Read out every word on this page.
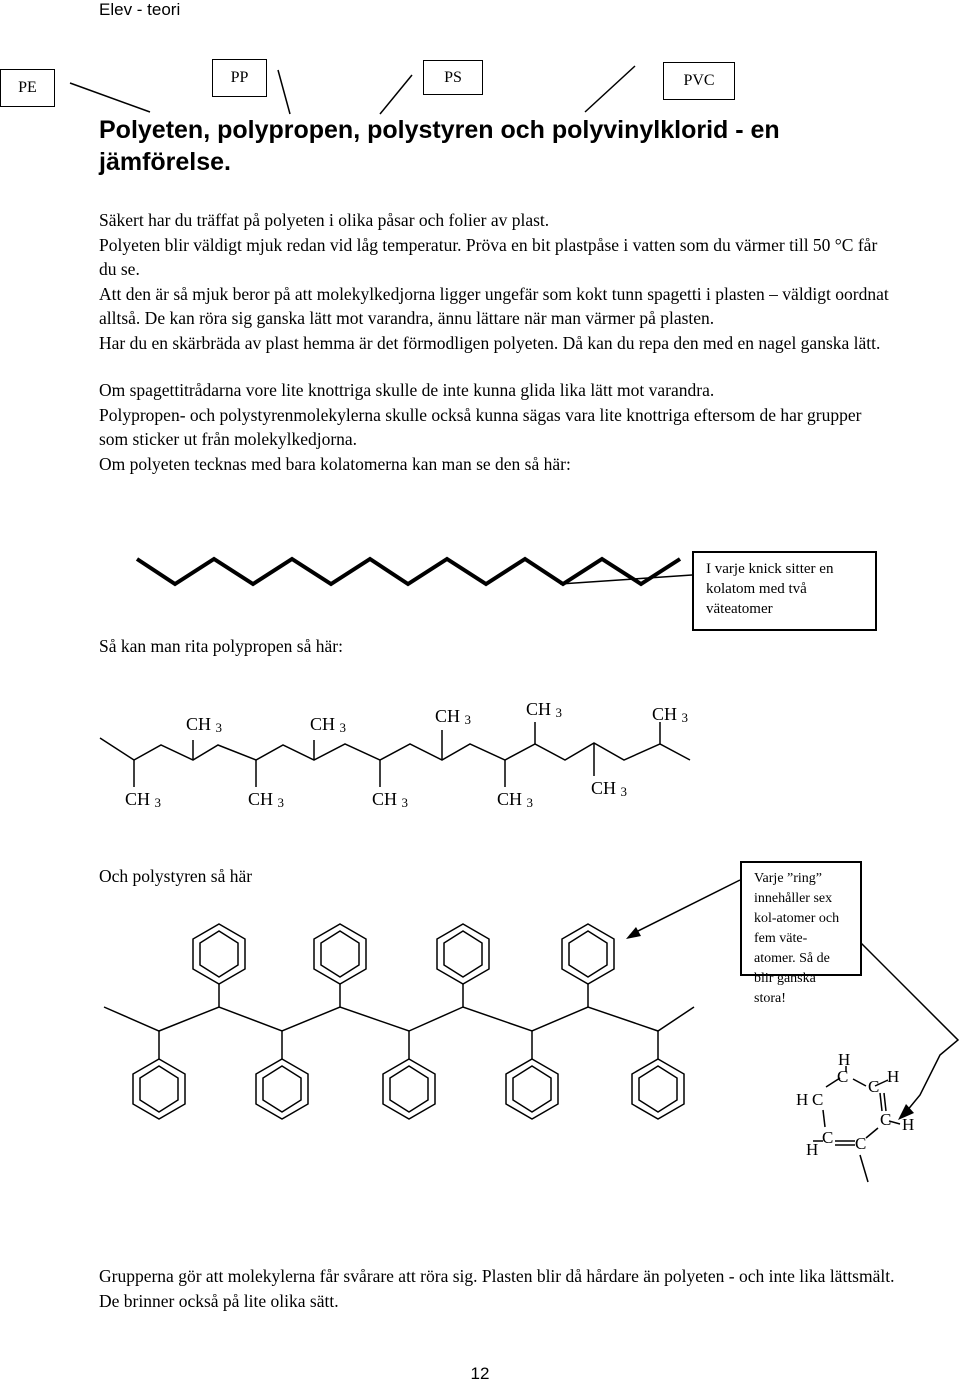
Elev - teori
PE
PP	PS	PVC
Polyeten, polypropen, polystyren och polyvinylklorid - en jämförelse.

Säkert har du träffat på polyeten i olika påsar och folier av plast.

Polyeten blir väldigt mjuk redan vid låg temperatur. Pröva en bit plastpåse i vatten som du värmer till 50 °C får du se.

Att den är så mjuk beror på att molekylkedjorna ligger ungefär som kokt tunn spagetti i plasten – väldigt oordnat alltså. De kan röra sig ganska lätt mot varandra, ännu lättare när man värmer på plasten.

Har du en skärbräda av plast hemma är det förmodligen polyeten. Då kan du repa den med en nagel ganska lätt.

Om spagettitrådarna vore lite knottriga skulle de inte kunna glida lika lätt mot varandra.

Polypropen- och polystyrenmolekylerna skulle också kunna sägas vara lite knottriga eftersom de har grupper som sticker ut från molekylkedjorna.

Om polyeten tecknas med bara kolatomerna kan man se den så här:

I varje knick sitter en kolatom med två väteatomer
Så kan man rita polypropen så här:
CH $_3$	CH $_3$
CH $_3$
CH $_3$	CH $_3$
CH $_3$	CH $_3$	CH $_3$	CH $_3$
CH $_3$
Och polystyren så här	Varje ”ring” innehåller sex kol-atomer och fem väte-atomer. Så de blir ganska stora!
H
C
C
H
H C
C H
C C
H
Grupperna gör att molekylerna får svårare att röra sig. Plasten blir då hårdare än polyeten - och inte lika lättsmält. De brinner också på lite olika sätt.
12
